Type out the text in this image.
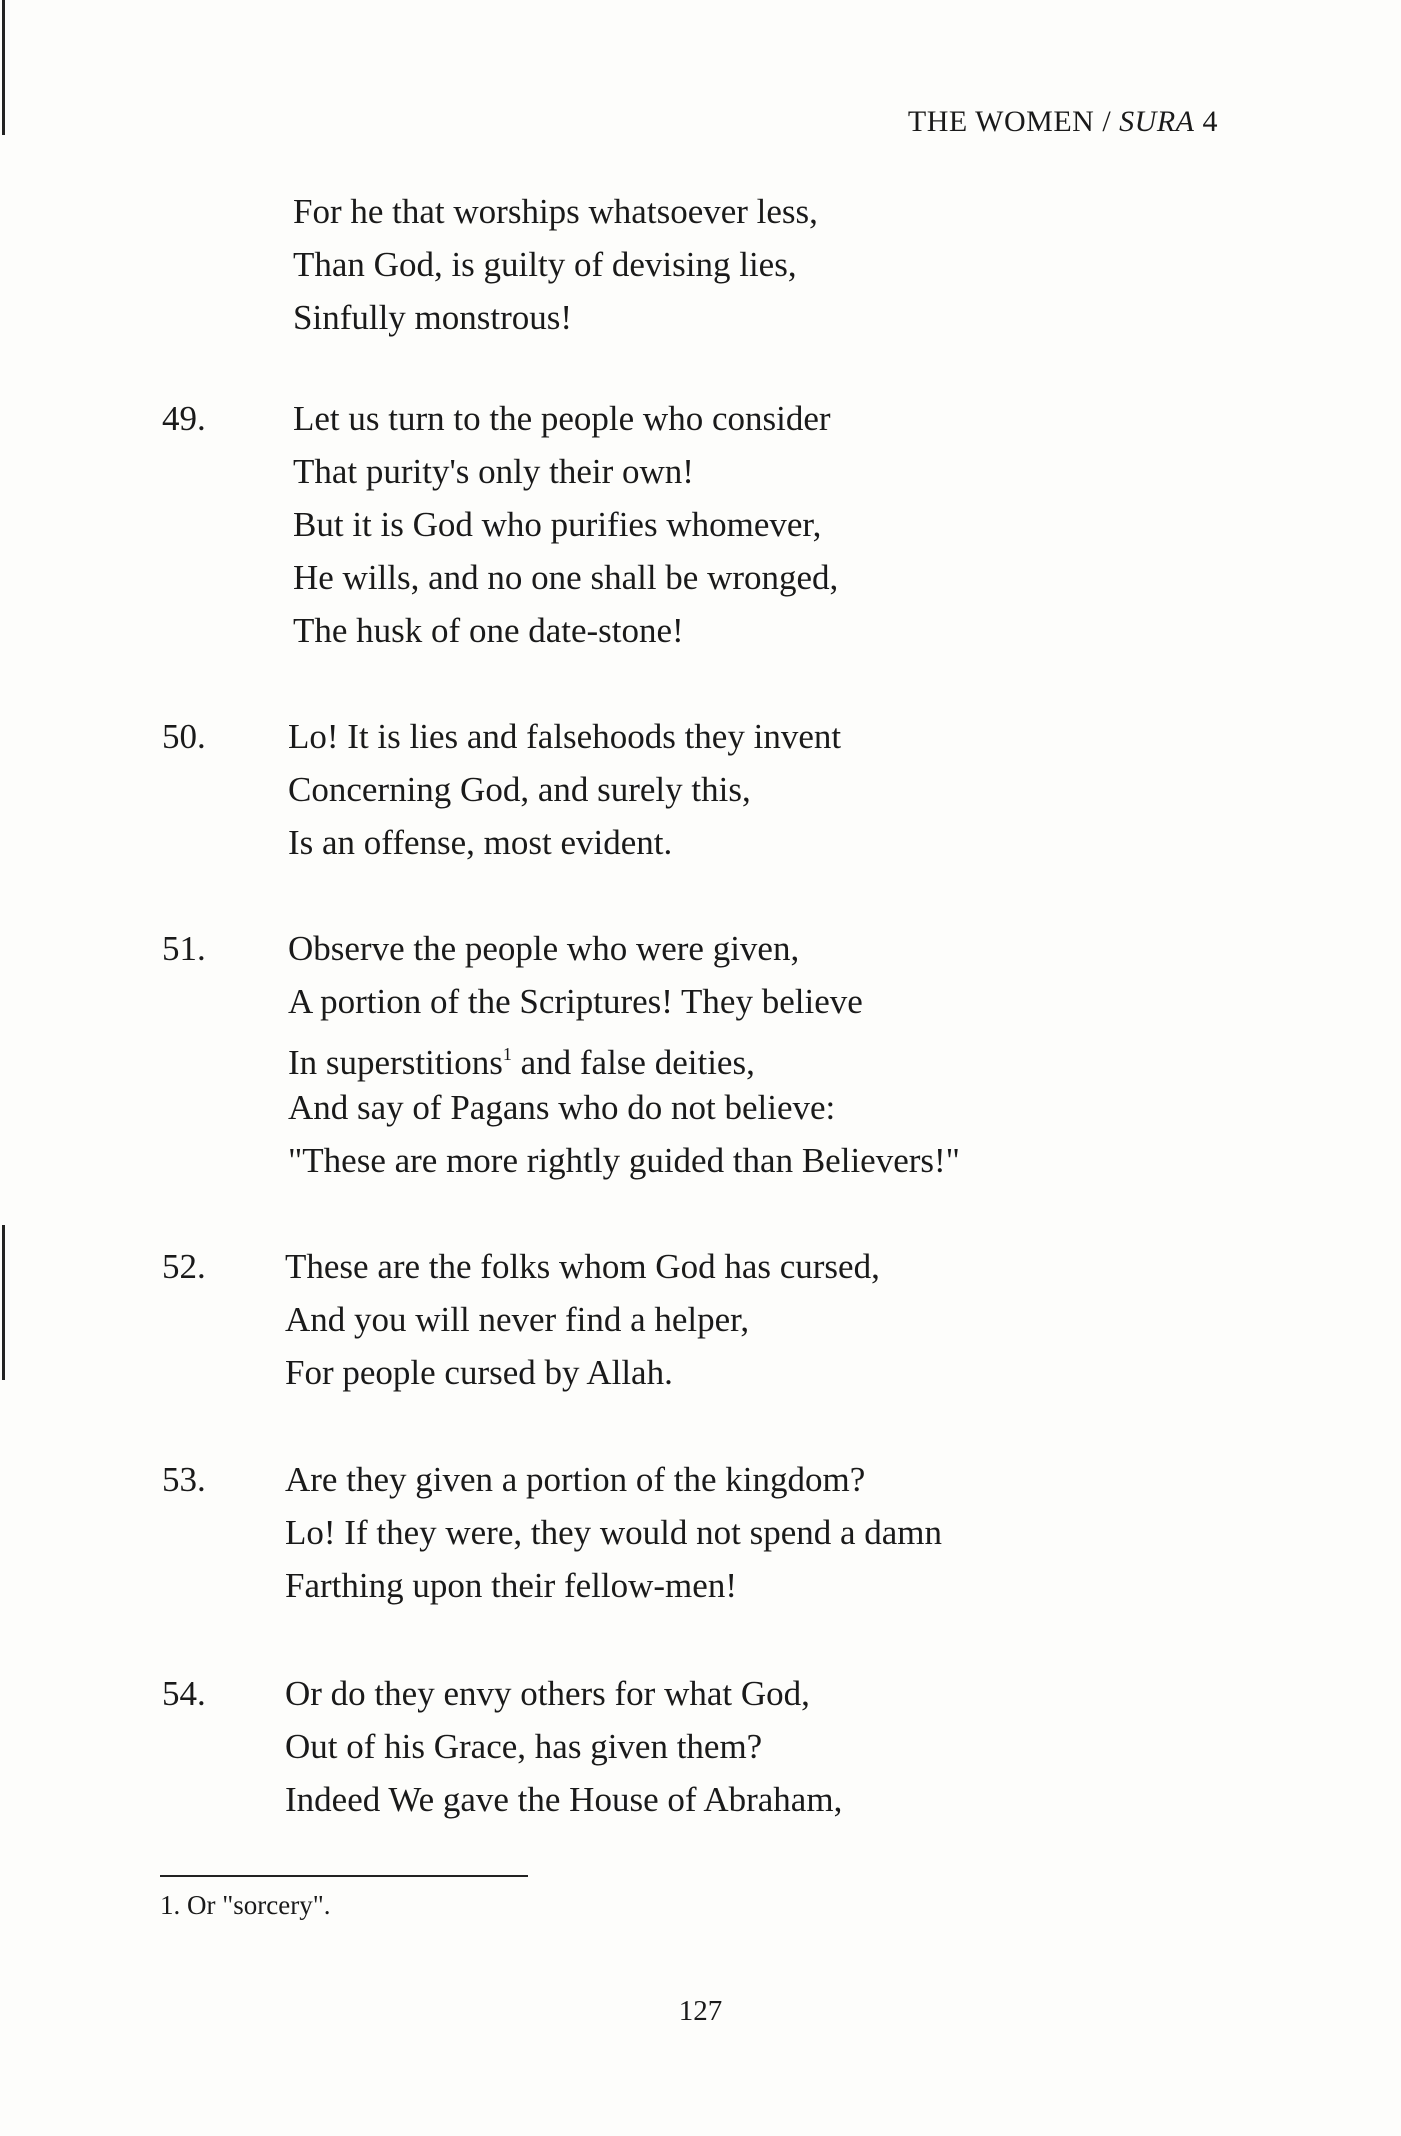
THE WOMEN / SURA 4
For he that worships whatsoever less,
Than God, is guilty of devising lies,
Sinfully monstrous!
49. Let us turn to the people who consider
That purity's only their own!
But it is God who purifies whomever,
He wills, and no one shall be wronged,
The husk of one date-stone!
50. Lo! It is lies and falsehoods they invent
Concerning God, and surely this,
Is an offense, most evident.
51. Observe the people who were given,
A portion of the Scriptures! They believe
In superstitions$^1$ and false deities,
And say of Pagans who do not believe:
"These are more rightly guided than Believers!"
52. These are the folks whom God has cursed,
And you will never find a helper,
For people cursed by Allah.
53. Are they given a portion of the kingdom?
Lo! If they were, they would not spend a damn
Farthing upon their fellow-men!
54. Or do they envy others for what God,
Out of his Grace, has given them?
Indeed We gave the House of Abraham,
1. Or "sorcery".
127
